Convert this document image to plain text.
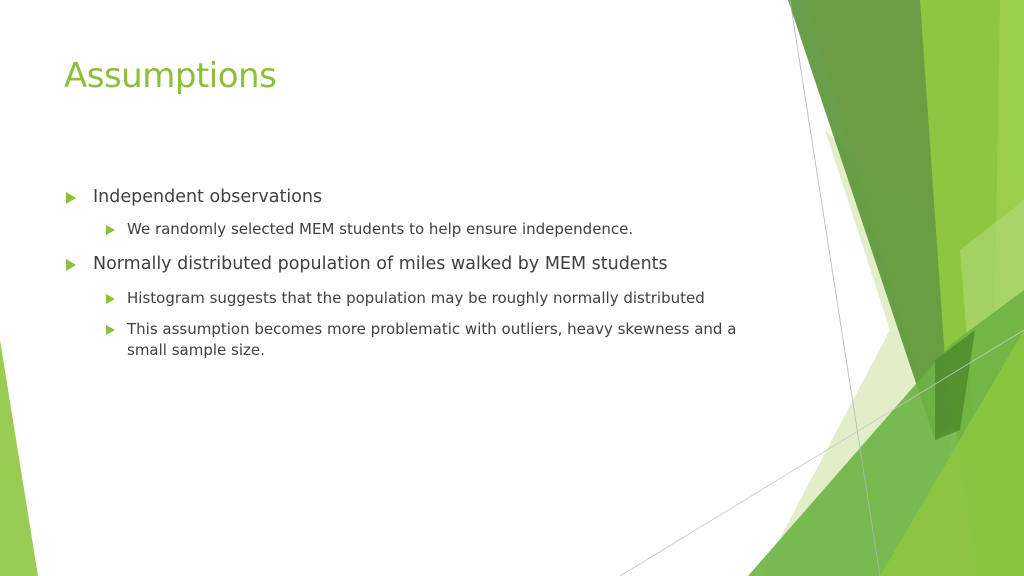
Assumptions
Independent observations
We randomly selected MEM students to help ensure independence.
Normally distributed population of miles walked by MEM students
Histogram suggests that the population may be roughly normally distributed
This assumption becomes more problematic with outliers, heavy skewness and a small sample size.
